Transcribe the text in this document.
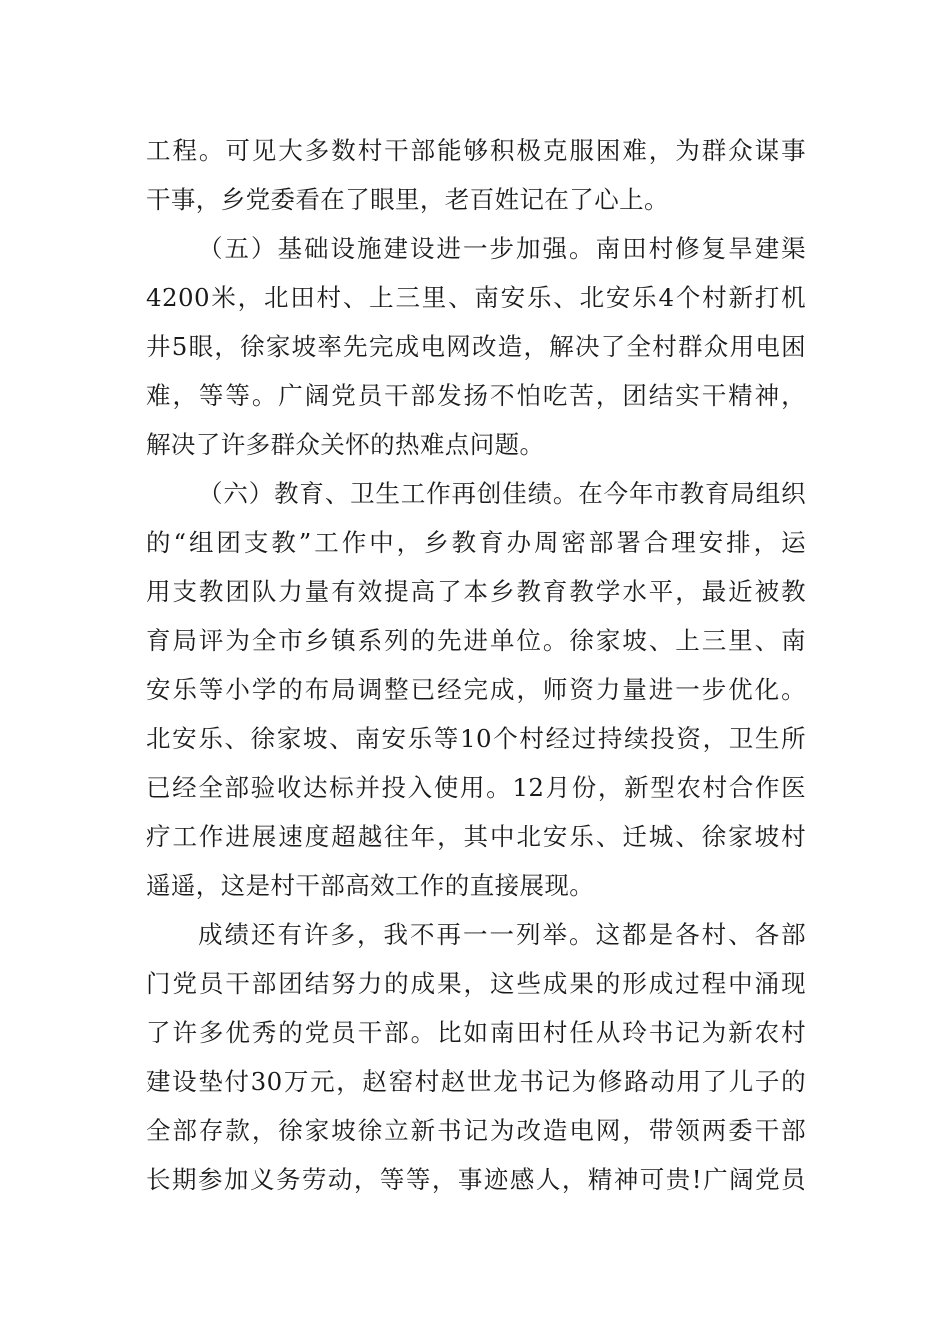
工程。可见大多数村干部能够积极克服困难，为群众谋事
干事，乡党委看在了眼里，老百姓记在了心上。
（五）基础设施建设进一步加强。南田村修复旱建渠
4200米，北田村、上三里、南安乐、北安乐4个村新打机
井5眼，徐家坡率先完成电网改造，解决了全村群众用电困
难，等等。广阔党员干部发扬不怕吃苦，团结实干精神，
解决了许多群众关怀的热难点问题。
（六）教育、卫生工作再创佳绩。在今年市教育局组织
的“组团支教”工作中，乡教育办周密部署合理安排，运
用支教团队力量有效提高了本乡教育教学水平，最近被教
育局评为全市乡镇系列的先进单位。徐家坡、上三里、南
安乐等小学的布局调整已经完成，师资力量进一步优化。
北安乐、徐家坡、南安乐等10个村经过持续投资，卫生所
已经全部验收达标并投入使用。12月份，新型农村合作医
疗工作进展速度超越往年，其中北安乐、迁城、徐家坡村
遥遥，这是村干部高效工作的直接展现。
成绩还有许多，我不再一一列举。这都是各村、各部
门党员干部团结努力的成果，这些成果的形成过程中涌现
了许多优秀的党员干部。比如南田村任从玲书记为新农村
建设垫付30万元，赵窑村赵世龙书记为修路动用了儿子的
全部存款，徐家坡徐立新书记为改造电网，带领两委干部
长期参加义务劳动，等等，事迹感人，精神可贵!广阔党员
